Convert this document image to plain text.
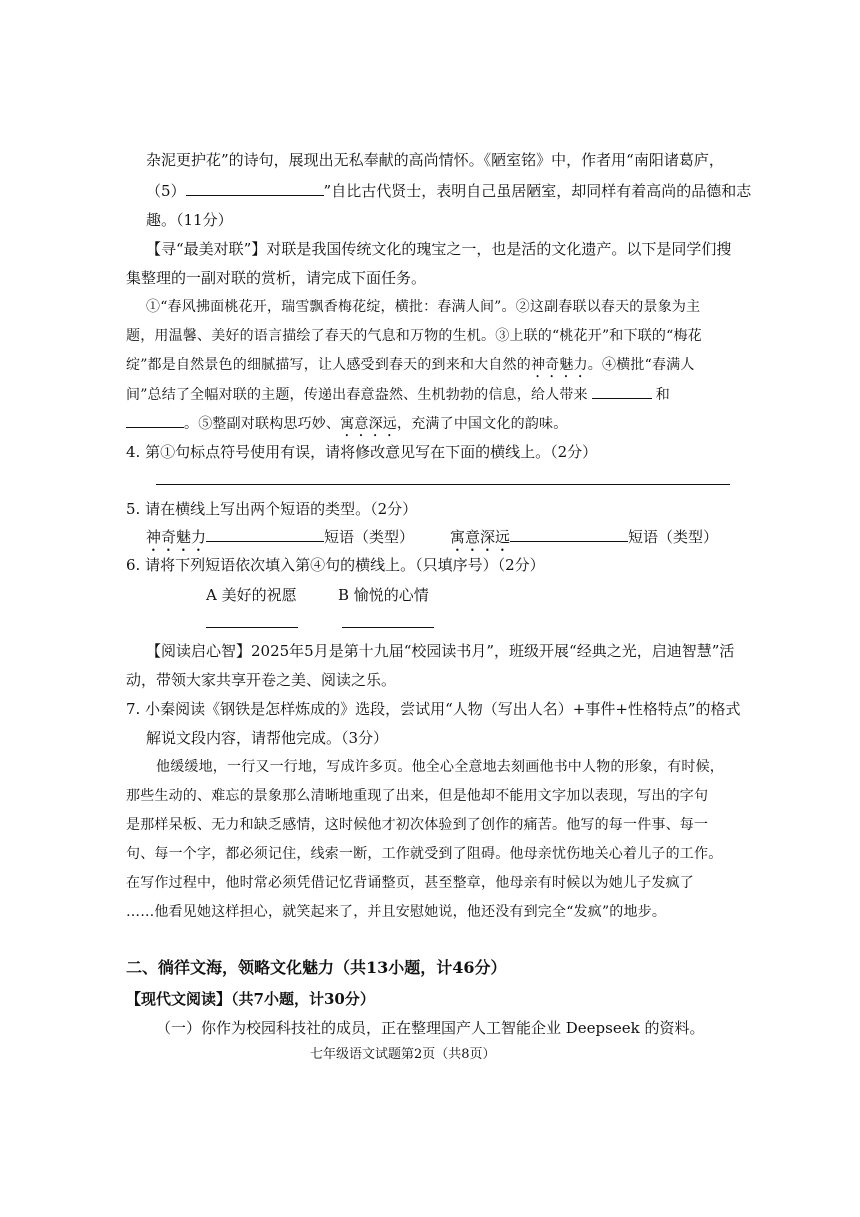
杂泥更护花”的诗句，展现出无私奉献的高尚情怀。《陋室铭》中，作者用“南阳诸葛庐，
（5）	”自比古代贤士，表明自己虽居陋室，却同样有着高尚的品德和志
趣。（11分）
【寻“最美对联”】对联是我国传统文化的瑰宝之一，也是活的文化遗产。以下是同学们搜
集整理的一副对联的赏析，请完成下面任务。
①“春风拂面桃花开，瑞雪飘香梅花绽，横批：春满人间”。②这副春联以春天的景象为主
题，用温馨、美好的语言描绘了春天的气息和万物的生机。③上联的“桃花开”和下联的“梅花
绽”都是自然景色的细腻描写，让人感受到春天的到来和大自然的神奇魅力。④横批“春满人
间”总结了全幅对联的主题，传递出春意盎然、生机勃勃的信息，给人带来	和
。⑤整副对联构思巧妙、寓意深远，充满了中国文化的韵味。
4. 第①句标点符号使用有误，请将修改意见写在下面的横线上。（2分）
5. 请在横线上写出两个短语的类型。（2分）
神奇魅力	短语（类型） 寓意深远	短语（类型）
6. 请将下列短语依次填入第④句的横线上。（只填序号）（2分）
A 美好的祝愿	B 愉悦的心情
【阅读启心智】2025年5月是第十九届“校园读书月”，班级开展“经典之光，启迪智慧”活
动，带领大家共享开卷之美、阅读之乐。
7. 小秦阅读《钢铁是怎样炼成的》选段，尝试用“人物（写出人名）+事件+性格特点”的格式
解说文段内容，请帮他完成。（3分）
他缓缓地，一行又一行地，写成许多页。他全心全意地去刻画他书中人物的形象，有时候，
那些生动的、难忘的景象那么清晰地重现了出来，但是他却不能用文字加以表现，写出的字句
是那样呆板、无力和缺乏感情，这时候他才初次体验到了创作的痛苦。他写的每一件事、每一
句、每一个字，都必须记住，线索一断，工作就受到了阻碍。他母亲忧伤地关心着儿子的工作。
在写作过程中，他时常必须凭借记忆背诵整页，甚至整章，他母亲有时候以为她儿子发疯了
……他看见她这样担心，就笑起来了，并且安慰她说，他还没有到完全“发疯”的地步。
二、徜徉文海，领略文化魅力（共13小题，计46分）
【现代文阅读】（共7小题，计30分）
（一）你作为校园科技社的成员，正在整理国产人工智能企业 Deepseek 的资料。
七年级语文试题第2页（共8页）
